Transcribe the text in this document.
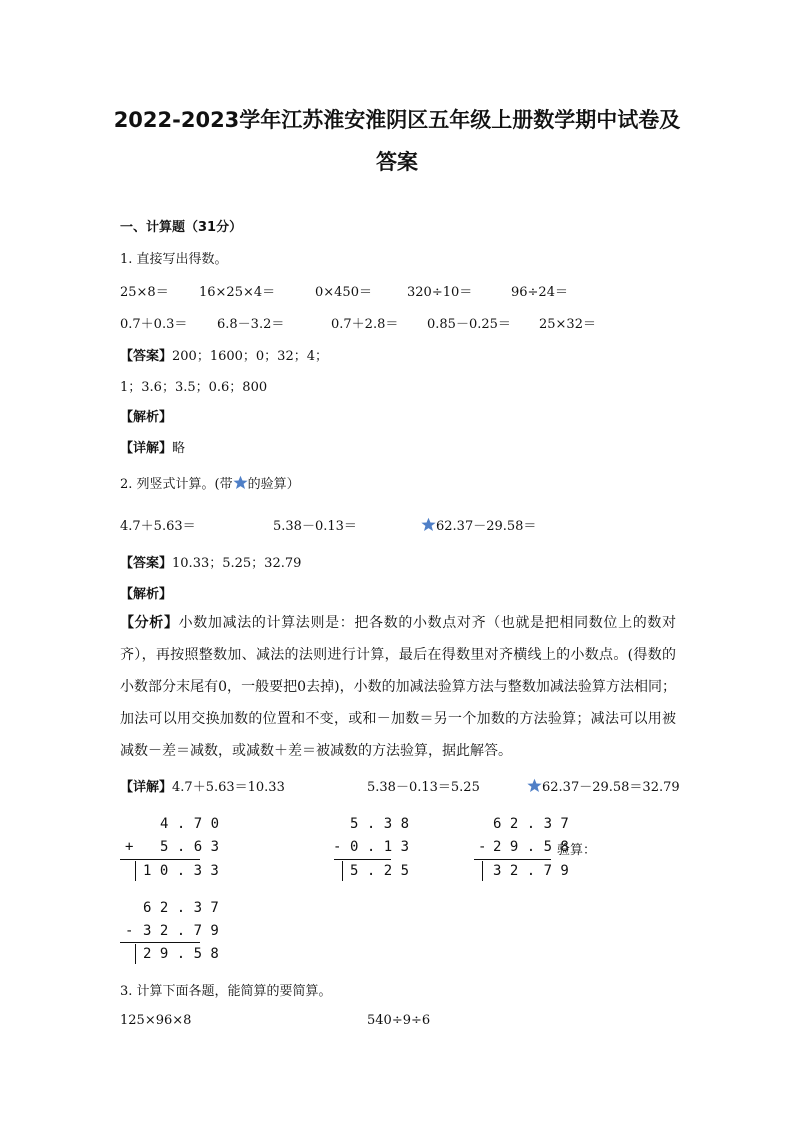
2022-2023学年江苏淮安淮阴区五年级上册数学期中试卷及
答案
一、计算题（31分）
1. 直接写出得数。
25×8＝ 16×25×4＝	0×450＝	320÷10＝	96÷24＝
0.7＋0.3＝ 6.8－3.2＝	0.7＋2.8＝ 0.85－0.25＝ 25×32＝
【答案】200；1600；0；32；4；
1；3.6；3.5；0.6；800
【解析】
【详解】略
2. 列竖式计算。(带 的验算）
4.7＋5.63＝	5.38－0.13＝	62.37－29.58＝
【答案】10.33；5.25；32.79
【解析】
【分析】小数加减法的计算法则是：把各数的小数点对齐（也就是把相同数位上的数对齐），再按照整数加、减法的法则进行计算，最后在得数里对齐横线上的小数点。(得数的小数部分末尾有0，一般要把0去掉)，小数的加减法验算方法与整数加减法验算方法相同；加法可以用交换加数的位置和不变，或和－加数＝另一个加数的方法验算；减法可以用被减数－差＝减数，或减数＋差＝被减数的方法验算，据此解答。
【详解】4.7＋5.63＝10.33	5.38－0.13＝5.25	62.37－29.58＝32.79
4 . 7 0
+ 5 . 6 3
1 0 . 3 3
5 . 3 8
- 0 . 1 3
5 . 2 5
6 2 . 3 7
- 2 9 . 5 8
验算：
3 2 . 7 9
6 2 . 3 7
- 3 2 . 7 9
2 9 . 5 8
3. 计算下面各题，能简算的要简算。
125×96×8	540÷9÷6
